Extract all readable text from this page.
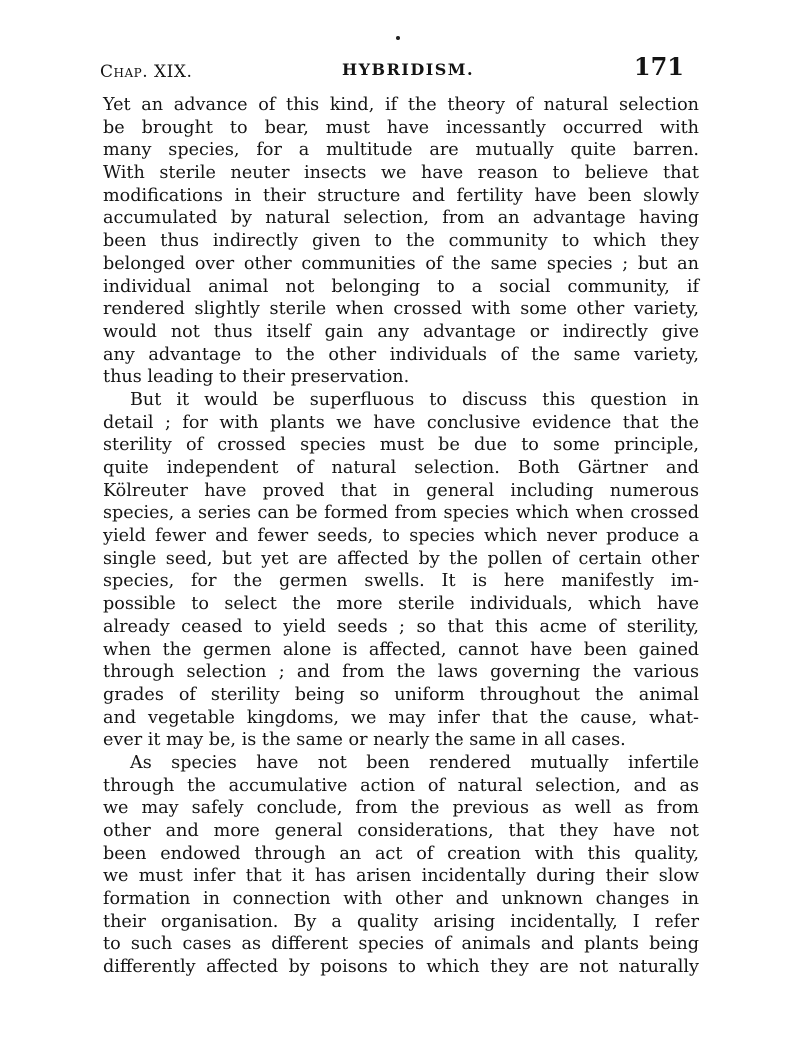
Chap. XIX.	HYBRIDISM.	171
Yet an advance of this kind, if the theory of natural selection
be brought to bear, must have incessantly occurred with
many species, for a multitude are mutually quite barren.
With sterile neuter insects we have reason to believe that
modifications in their structure and fertility have been slowly
accumulated by natural selection, from an advantage having
been thus indirectly given to the community to which they
belonged over other communities of the same species ; but an
individual animal not belonging to a social community, if
rendered slightly sterile when crossed with some other variety,
would not thus itself gain any advantage or indirectly give
any advantage to the other individuals of the same variety,
thus leading to their preservation.
But it would be superfluous to discuss this question in
detail ; for with plants we have conclusive evidence that the
sterility of crossed species must be due to some principle,
quite independent of natural selection. Both Gärtner and
Kölreuter have proved that in general including numerous
species, a series can be formed from species which when crossed
yield fewer and fewer seeds, to species which never produce a
single seed, but yet are affected by the pollen of certain other
species, for the germen swells. It is here manifestly im-
possible to select the more sterile individuals, which have
already ceased to yield seeds ; so that this acme of sterility,
when the germen alone is affected, cannot have been gained
through selection ; and from the laws governing the various
grades of sterility being so uniform throughout the animal
and vegetable kingdoms, we may infer that the cause, what-
ever it may be, is the same or nearly the same in all cases.
As species have not been rendered mutually infertile
through the accumulative action of natural selection, and as
we may safely conclude, from the previous as well as from
other and more general considerations, that they have not
been endowed through an act of creation with this quality,
we must infer that it has arisen incidentally during their slow
formation in connection with other and unknown changes in
their organisation. By a quality arising incidentally, I refer
to such cases as different species of animals and plants being
differently affected by poisons to which they are not naturally
